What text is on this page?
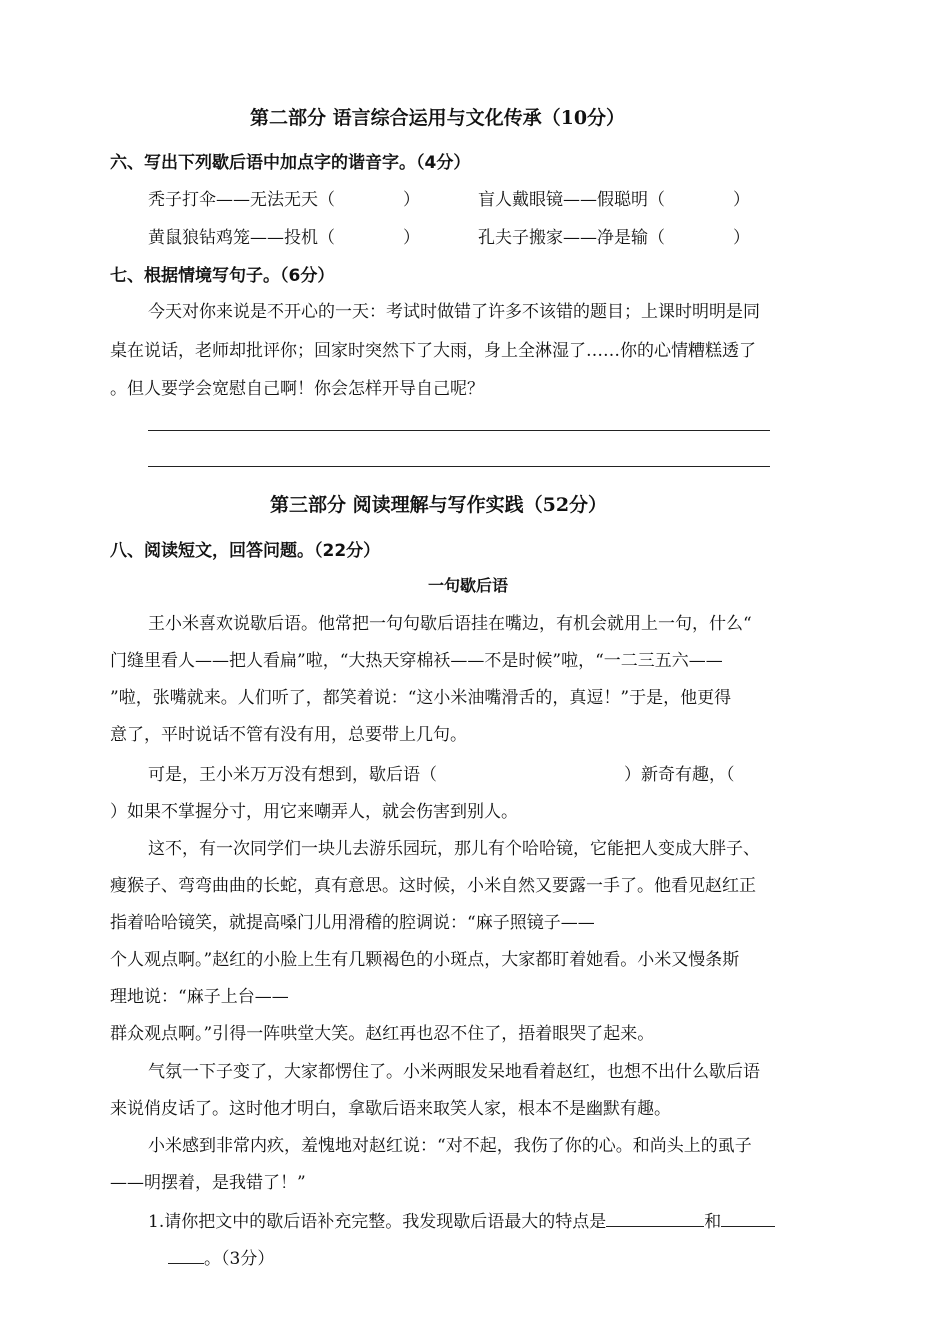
第二部分 语言综合运用与文化传承（10分）
六、写出下列歇后语中加点字的谐音字。（4分）
秃子打伞——无法无天（　　　　）	盲人戴眼镜——假聪明（　　　　）
黄鼠狼钻鸡笼——投机（　　　　）	孔夫子搬家——净是输（　　　　）
七、根据情境写句子。（6分）
今天对你来说是不开心的一天：考试时做错了许多不该错的题目；上课时明明是同
桌在说话，老师却批评你；回家时突然下了大雨，身上全淋湿了……你的心情糟糕透了
。但人要学会宽慰自己啊！你会怎样开导自己呢？
第三部分 阅读理解与写作实践（52分）
八、阅读短文，回答问题。（22分）
一句歇后语
王小米喜欢说歇后语。他常把一句句歇后语挂在嘴边，有机会就用上一句，什么“
门缝里看人——把人看扁”啦，“大热天穿棉袄——不是时候”啦，“一二三五六——
”啦，张嘴就来。人们听了，都笑着说：“这小米油嘴滑舌的，真逗！”于是，他更得
意了，平时说话不管有没有用，总要带上几句。
可是，王小米万万没有想到，歇后语（　　　　　　　　　　　）新奇有趣，（
）如果不掌握分寸，用它来嘲弄人，就会伤害到别人。
这不，有一次同学们一块儿去游乐园玩，那儿有个哈哈镜，它能把人变成大胖子、
瘦猴子、弯弯曲曲的长蛇，真有意思。这时候，小米自然又要露一手了。他看见赵红正
指着哈哈镜笑，就提高嗓门儿用滑稽的腔调说：“麻子照镜子——
个人观点啊。”赵红的小脸上生有几颗褐色的小斑点，大家都盯着她看。小米又慢条斯
理地说：“麻子上台——
群众观点啊。”引得一阵哄堂大笑。赵红再也忍不住了，捂着眼哭了起来。
气氛一下子变了，大家都愣住了。小米两眼发呆地看着赵红，也想不出什么歇后语
来说俏皮话了。这时他才明白，拿歇后语来取笑人家，根本不是幽默有趣。
小米感到非常内疚，羞愧地对赵红说：“对不起，我伤了你的心。和尚头上的虱子
——明摆着，是我错了！”
1.请你把文中的歇后语补充完整。我发现歇后语最大的特点是	和
。（3分）
